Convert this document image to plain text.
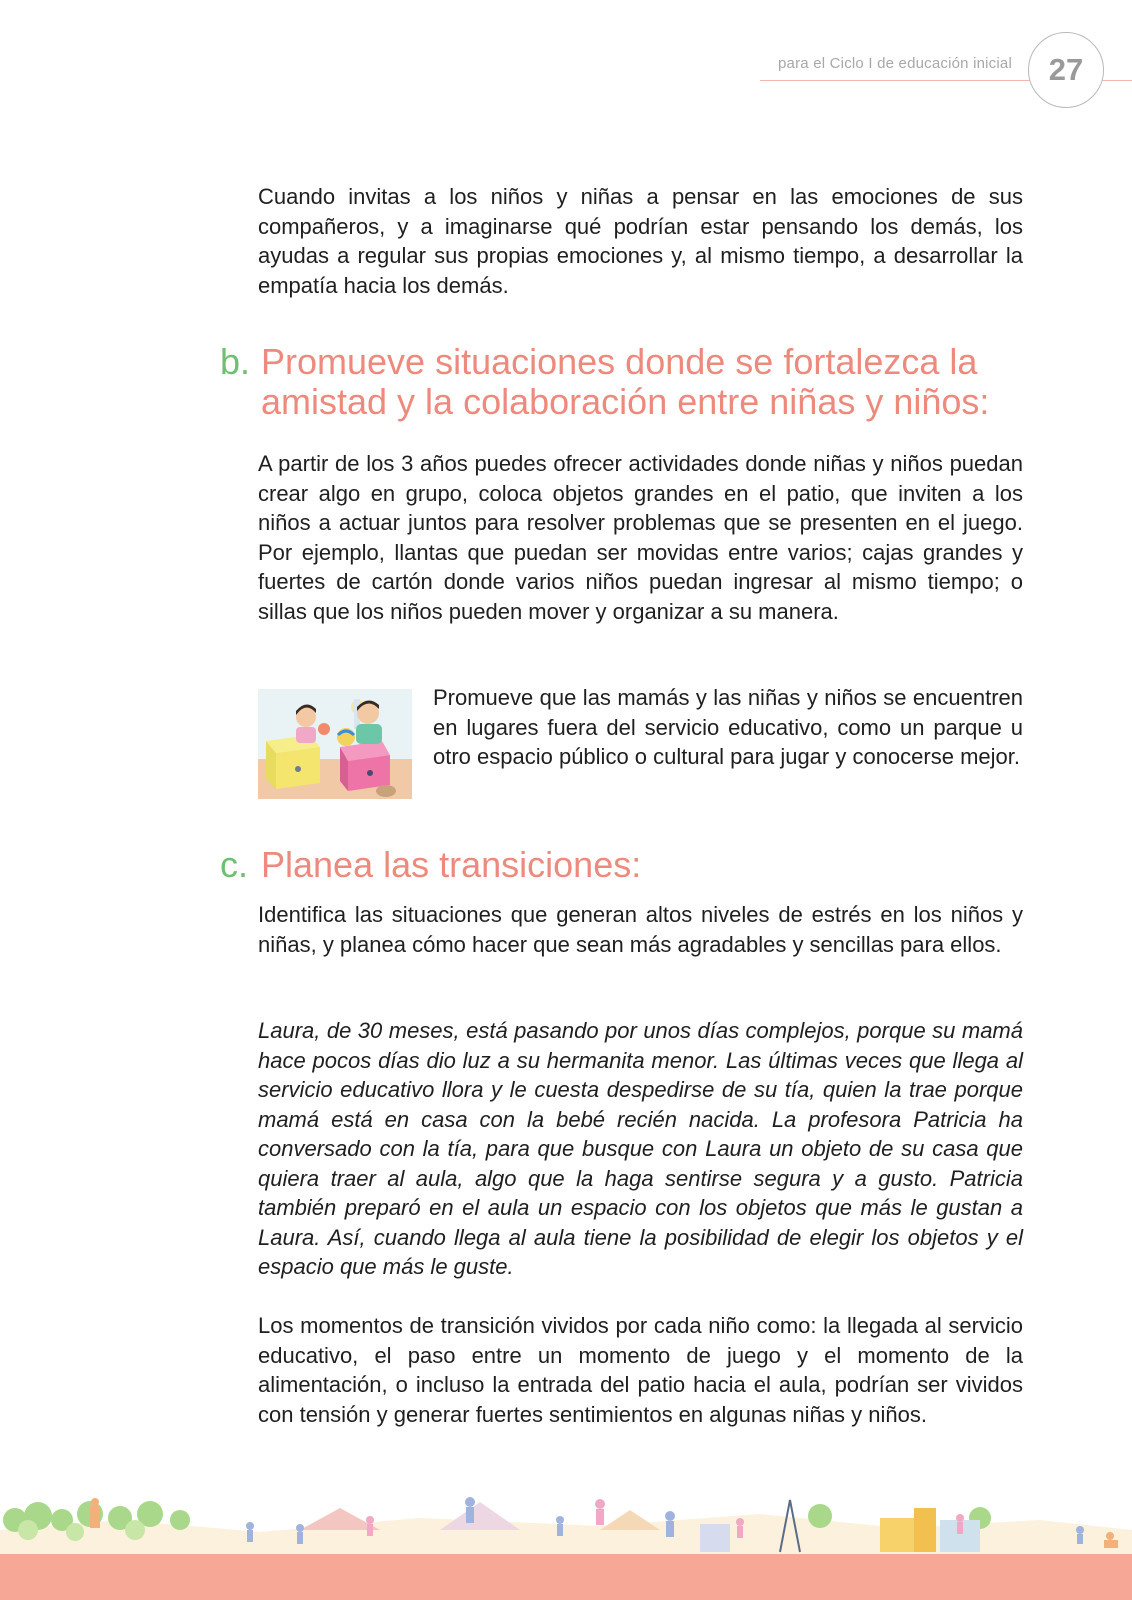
para el Ciclo I de educación inicial	27

Cuando invitas a los niños y niñas a pensar en las emociones de sus compañeros, y a imaginarse qué podrían estar pensando los demás, los ayudas a regular sus propias emociones y, al mismo tiempo, a desarrollar la empatía hacia los demás.

b. Promueve situaciones donde se fortalezca la amistad y la colaboración entre niñas y niños:

A partir de los 3 años puedes ofrecer actividades donde niñas y niños puedan crear algo en grupo, coloca objetos grandes en el patio, que inviten a los niños a actuar juntos para resolver problemas que se presenten en el juego. Por ejemplo, llantas que puedan ser movidas entre varios; cajas grandes y fuertes de cartón donde varios niños puedan ingresar al mismo tiempo; o sillas que los niños pueden mover y organizar a su manera.

Promueve que las mamás y las niñas y niños se encuentren en lugares fuera del servicio educativo, como un parque u otro espacio público o cultural para jugar y conocerse mejor.

c. Planea las transiciones:

Identifica las situaciones que generan altos niveles de estrés en los niños y niñas, y planea cómo hacer que sean más agradables y sencillas para ellos.

Laura, de 30 meses, está pasando por unos días complejos, porque su mamá hace pocos días dio luz a su hermanita menor. Las últimas veces que llega al servicio educativo llora y le cuesta despedirse de su tía, quien la trae porque mamá está en casa con la bebé recién nacida. La profesora Patricia ha conversado con la tía, para que busque con Laura un objeto de su casa que quiera traer al aula, algo que la haga sentirse segura y a gusto. Patricia también preparó en el aula un espacio con los objetos que más le gustan a Laura. Así, cuando llega al aula tiene la posibilidad de elegir los objetos y el espacio que más le guste.

Los momentos de transición vividos por cada niño como: la llegada al servicio educativo, el paso entre un momento de juego y el momento de la alimentación, o incluso la entrada del patio hacia el aula, podrían ser vividos con tensión y generar fuertes sentimientos en algunas niñas y niños.
